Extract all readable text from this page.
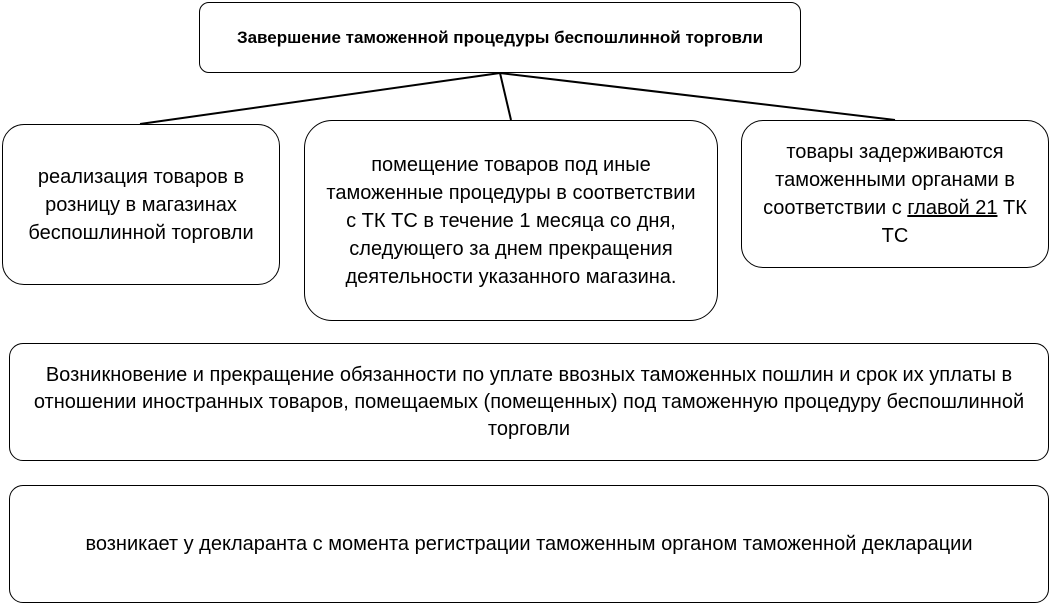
Завершение таможенной процедуры беспошлинной торговли
реализация товаров в розницу в магазинах беспошлинной торговли
помещение товаров под иные таможенные процедуры в соответствии с ТК ТС в течение 1 месяца со дня, следующего за днем прекращения деятельности указанного магазина.
товары задерживаются таможенными органами в соответствии с главой 21 ТК ТС
Возникновение и прекращение обязанности по уплате ввозных таможенных пошлин и срок их уплаты в отношении иностранных товаров, помещаемых (помещенных) под таможенную процедуру беспошлинной торговли
возникает у декларанта с момента регистрации таможенным органом таможенной декларации
